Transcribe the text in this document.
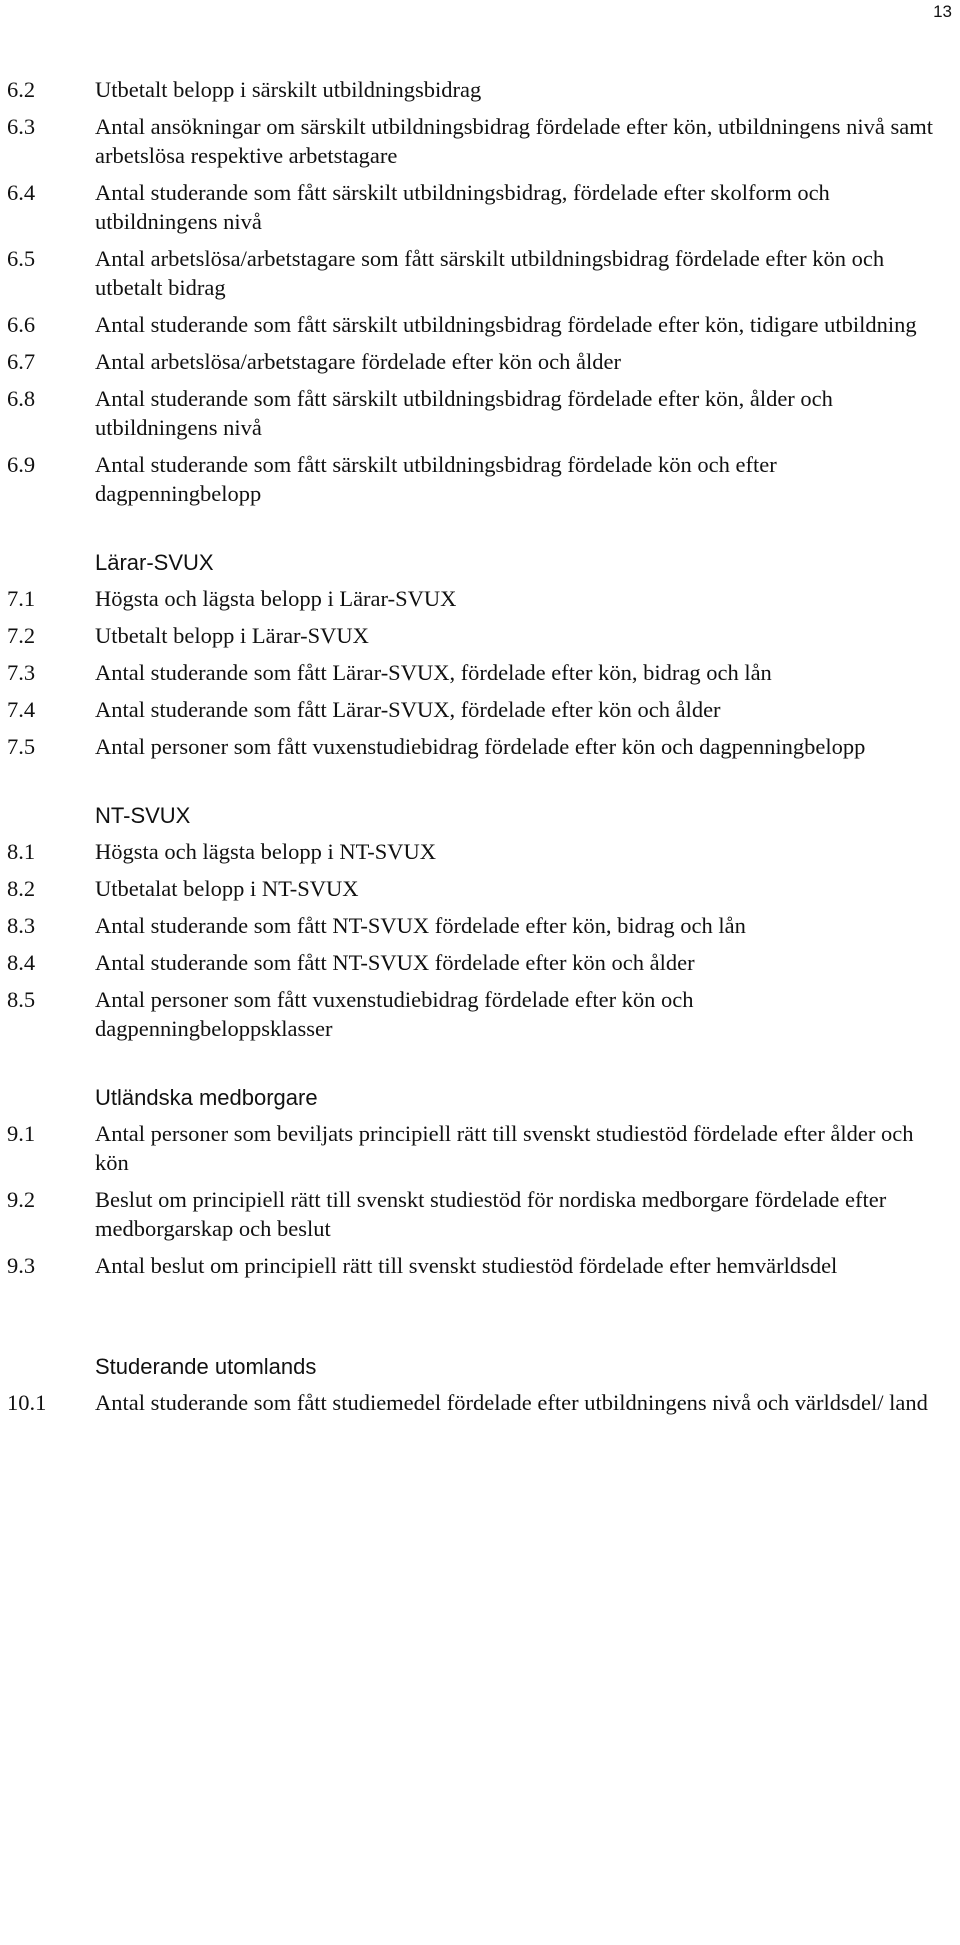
13
6.2	Utbetalt belopp i särskilt utbildningsbidrag
6.3	Antal ansökningar om särskilt utbildningsbidrag fördelade efter kön, utbildningens nivå samt arbetslösa respektive arbetstagare
6.4	Antal studerande som fått särskilt utbildningsbidrag, fördelade efter skolform och utbildningens nivå
6.5	Antal arbetslösa/arbetstagare som fått särskilt utbildningsbidrag fördelade efter kön och utbetalt bidrag
6.6	Antal studerande som fått särskilt utbildningsbidrag fördelade efter kön, tidigare utbildning
6.7	Antal arbetslösa/arbetstagare fördelade efter kön och ålder
6.8	Antal studerande som fått särskilt utbildningsbidrag fördelade efter kön, ålder och utbildningens nivå
6.9	Antal studerande som fått särskilt utbildningsbidrag fördelade kön och efter dagpenningbelopp
Lärar-SVUX
7.1	Högsta och lägsta belopp i Lärar-SVUX
7.2	Utbetalt belopp i Lärar-SVUX
7.3	Antal studerande som fått Lärar-SVUX, fördelade efter kön, bidrag och lån
7.4	Antal studerande som fått Lärar-SVUX, fördelade efter kön och ålder
7.5	Antal personer som fått vuxenstudiebidrag fördelade efter kön och dagpenningbelopp
NT-SVUX
8.1	Högsta och lägsta belopp i NT-SVUX
8.2	Utbetalat belopp i NT-SVUX
8.3	Antal studerande som fått NT-SVUX fördelade efter kön, bidrag och lån
8.4	Antal studerande som fått NT-SVUX fördelade efter kön och ålder
8.5	Antal personer som fått vuxenstudiebidrag fördelade efter kön och dagpenningbeloppsklasser
Utländska medborgare
9.1	Antal personer som beviljats principiell rätt till svenskt studiestöd fördelade efter ålder och kön
9.2	Beslut om principiell rätt till svenskt studiestöd för nordiska medborgare fördelade efter medborgarskap och beslut
9.3	Antal beslut om principiell rätt till svenskt studiestöd fördelade efter hemvärldsdel
Studerande utomlands
10.1	Antal studerande som fått studiemedel fördelade efter utbildningens nivå och världsdel/ land
